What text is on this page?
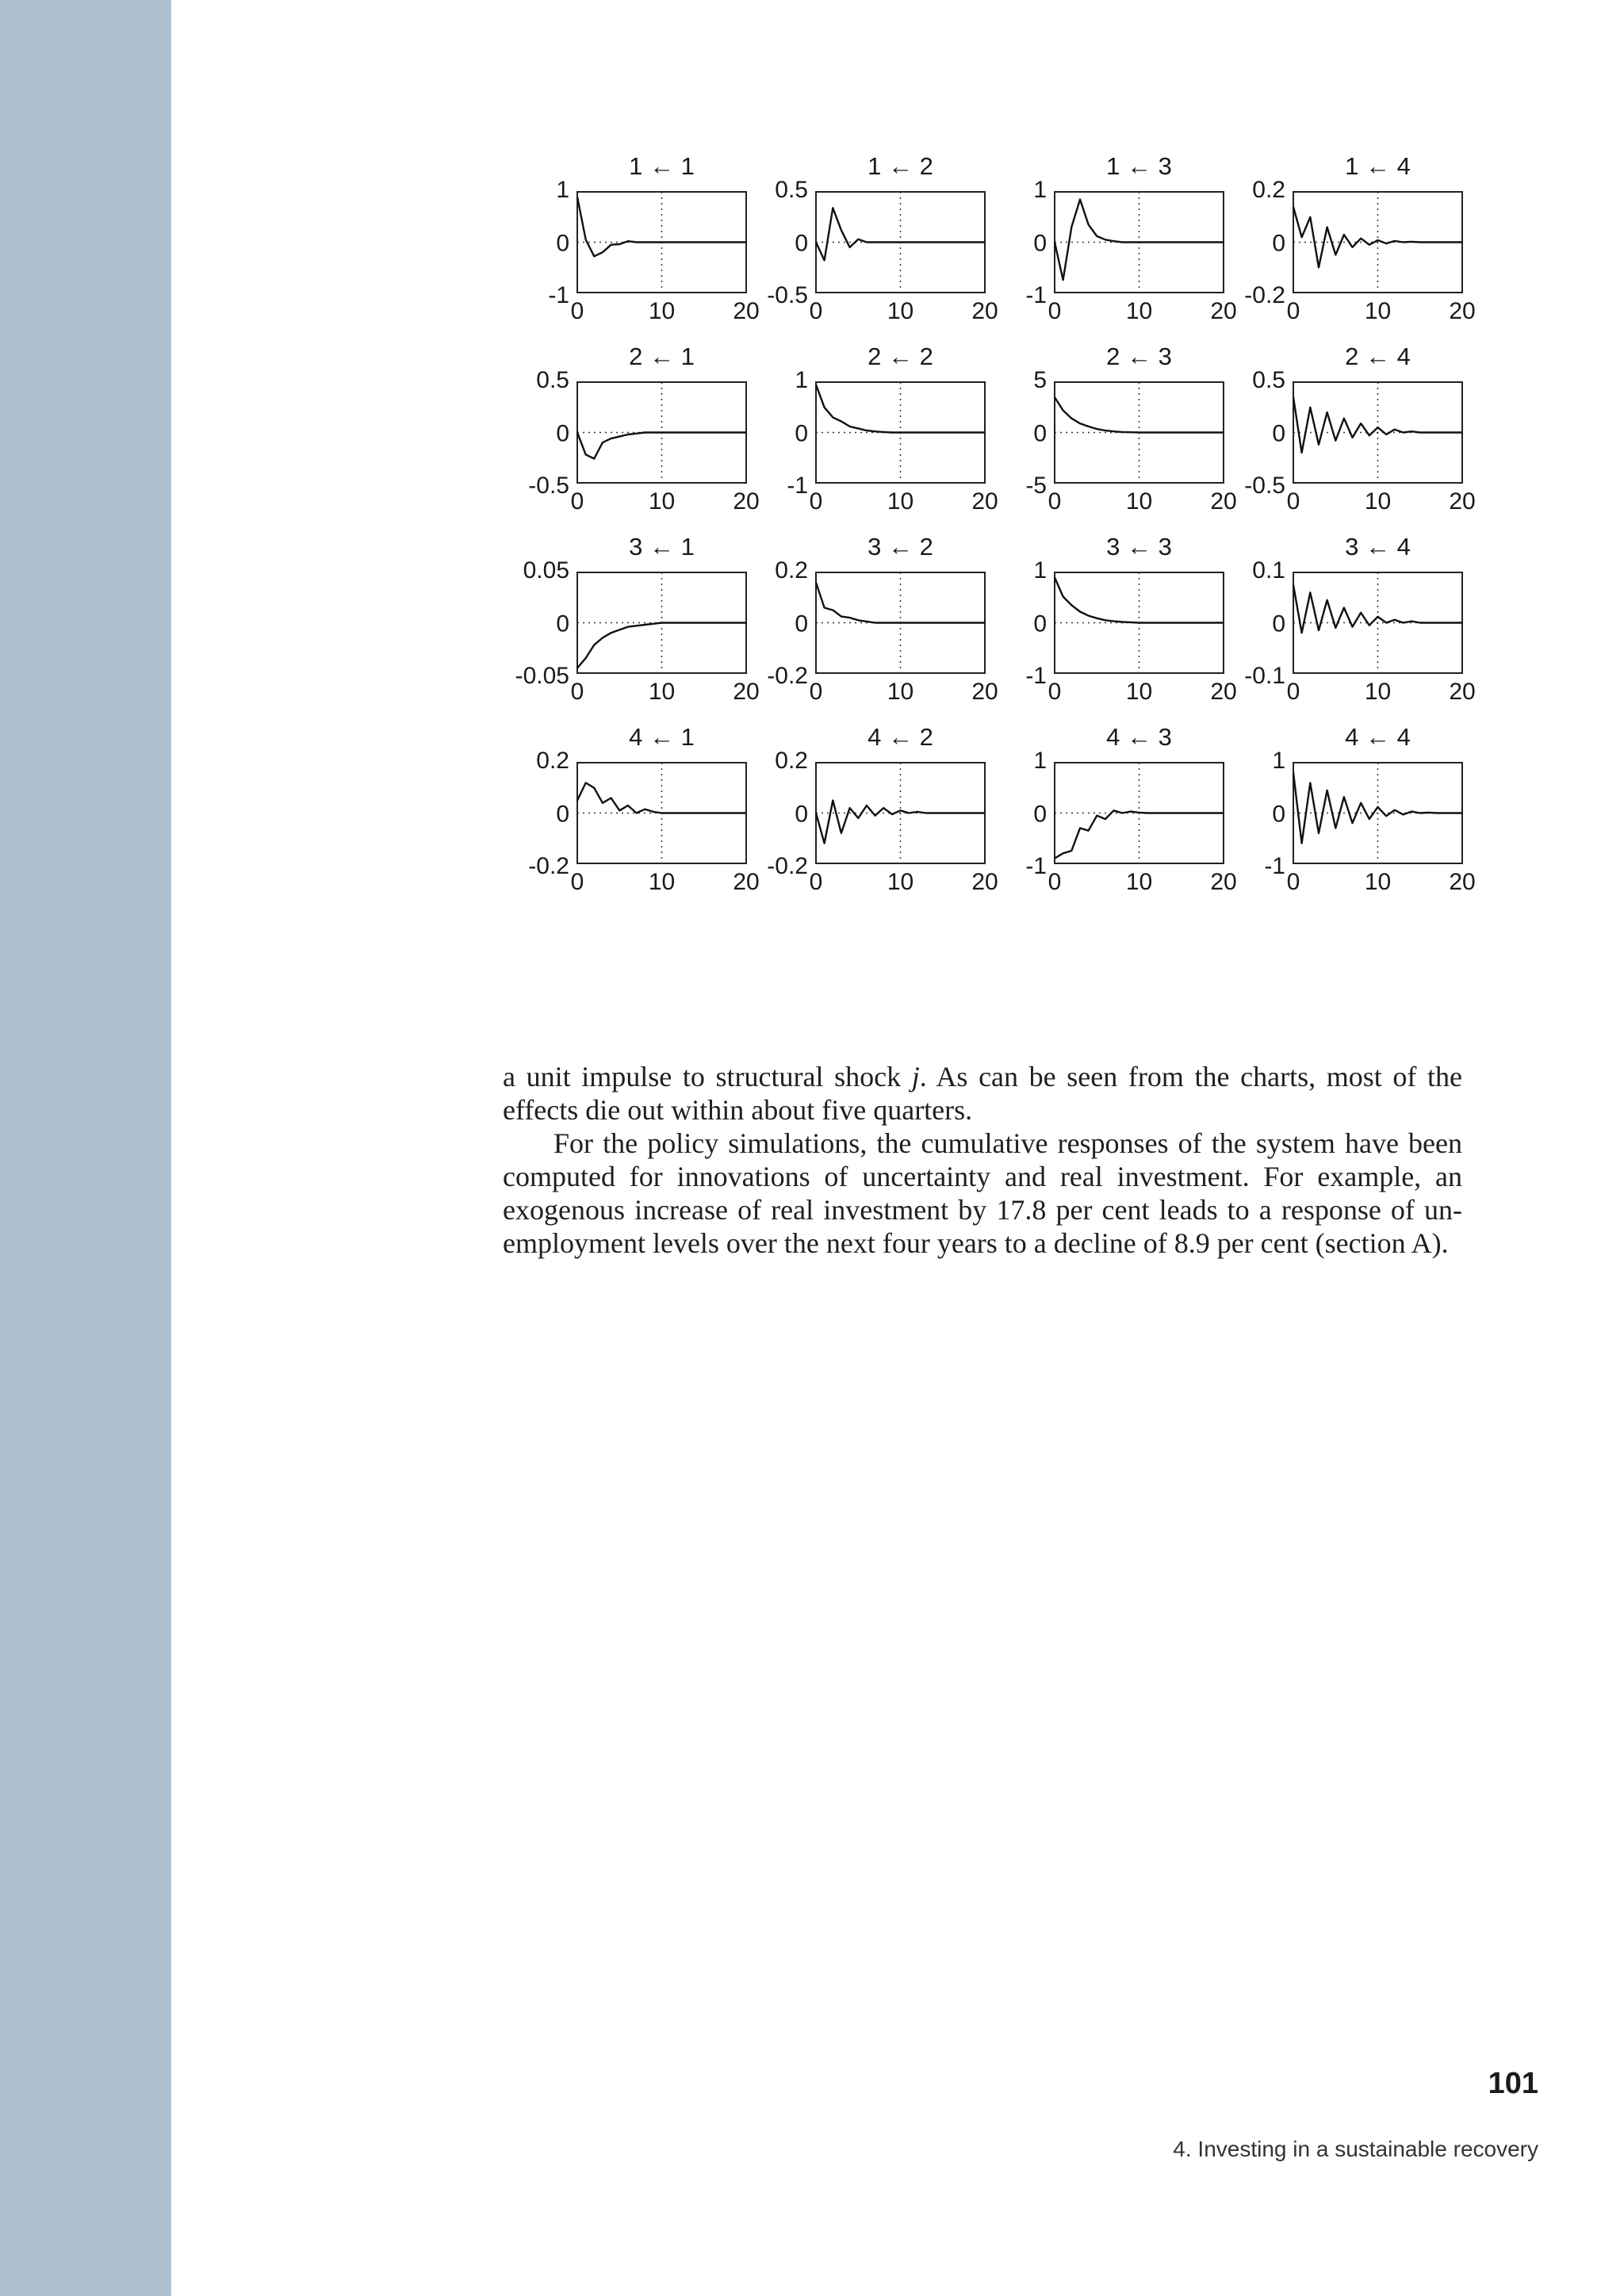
1 ← 1
1
0
-1
0	10 20
1 ← 2
0.5
0
-0.5
0	10 20
1 ← 3
1
0
-1
0	10 20
1 ← 4
0.2
0
-0.2
0	10 20
2 ← 1
0.5
0
-0.5
0	10 20
2 ← 2
1
0
-1
0	10 20
2 ← 3
5
0
-5
0	10 20
2 ← 4
0.5
0
-0.5
0	10 20
3 ← 1
0.05
0
-0.05
0	10 20
3 ← 2
0.2
0
-0.2
0	10 20
3 ← 3
1
0
-1
0	10 20
3 ← 4
0.1
0
-0.1
0	10 20
4 ← 1
0.2
0
-0.2
0	10 20
4 ← 2
0.2
0
-0.2
0	10 20
4 ← 3
1
0
-1
0	10 20
4 ← 4
1
0
-1
0	10 20

a unit impulse to structural shock j. As can be seen from the charts, most of the effects die out within about five quarters.

For the policy simulations, the cumulative responses of the system have been computed for innovations of uncertainty and real investment. For example, an exogenous increase of real investment by 17.8 per cent leads to a response of un-employment levels over the next four years to a decline of 8.9 per cent (section A).

101
4. Investing in a sustainable recovery
